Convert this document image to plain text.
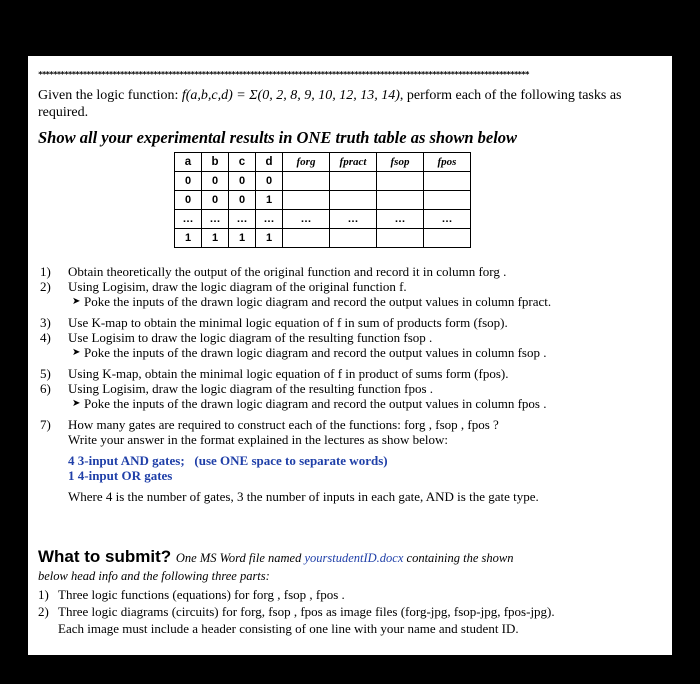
************************************************************************************************************************************
Given the logic function: f(a,b,c,d) = Σ(0, 2, 8, 9, 10, 12, 13, 14), perform each of the following tasks as required.
Show all your experimental results in ONE truth table as shown below
a	b	c	d	forg	fpract	fsop	fpos
0	0	0	0				
0	0	0	1				
…	…	…	…	…	…	…	…
1	1	1	1				
1) Obtain theoretically the output of the original function and record it in column forg .
2) Using Logisim, draw the logic diagram of the original function f.
➤ Poke the inputs of the drawn logic diagram and record the output values in column fpract.
3) Use K-map to obtain the minimal logic equation of f in sum of products form (fsop).
4) Use Logisim to draw the logic diagram of the resulting function fsop .
➤ Poke the inputs of the drawn logic diagram and record the output values in column fsop .
5) Using K-map, obtain the minimal logic equation of f in product of sums form (fpos).
6) Using Logisim, draw the logic diagram of the resulting function fpos .
➤ Poke the inputs of the drawn logic diagram and record the output values in column fpos .
7) How many gates are required to construct each of the functions: forg , fsop , fpos ?
Write your answer in the format explained in the lectures as show below:
4 3-input AND gates; (use ONE space to separate words)
1 4-input OR gates
Where 4 is the number of gates, 3 the number of inputs in each gate, AND is the gate type.
What to submit? One MS Word file named yourstudentID.docx containing the shown
below head info and the following three parts:
1) Three logic functions (equations) for forg , fsop , fpos .
2) Three logic diagrams (circuits) for forg, fsop , fpos as image files (forg-jpg, fsop-jpg, fpos-jpg).
Each image must include a header consisting of one line with your name and student ID.
